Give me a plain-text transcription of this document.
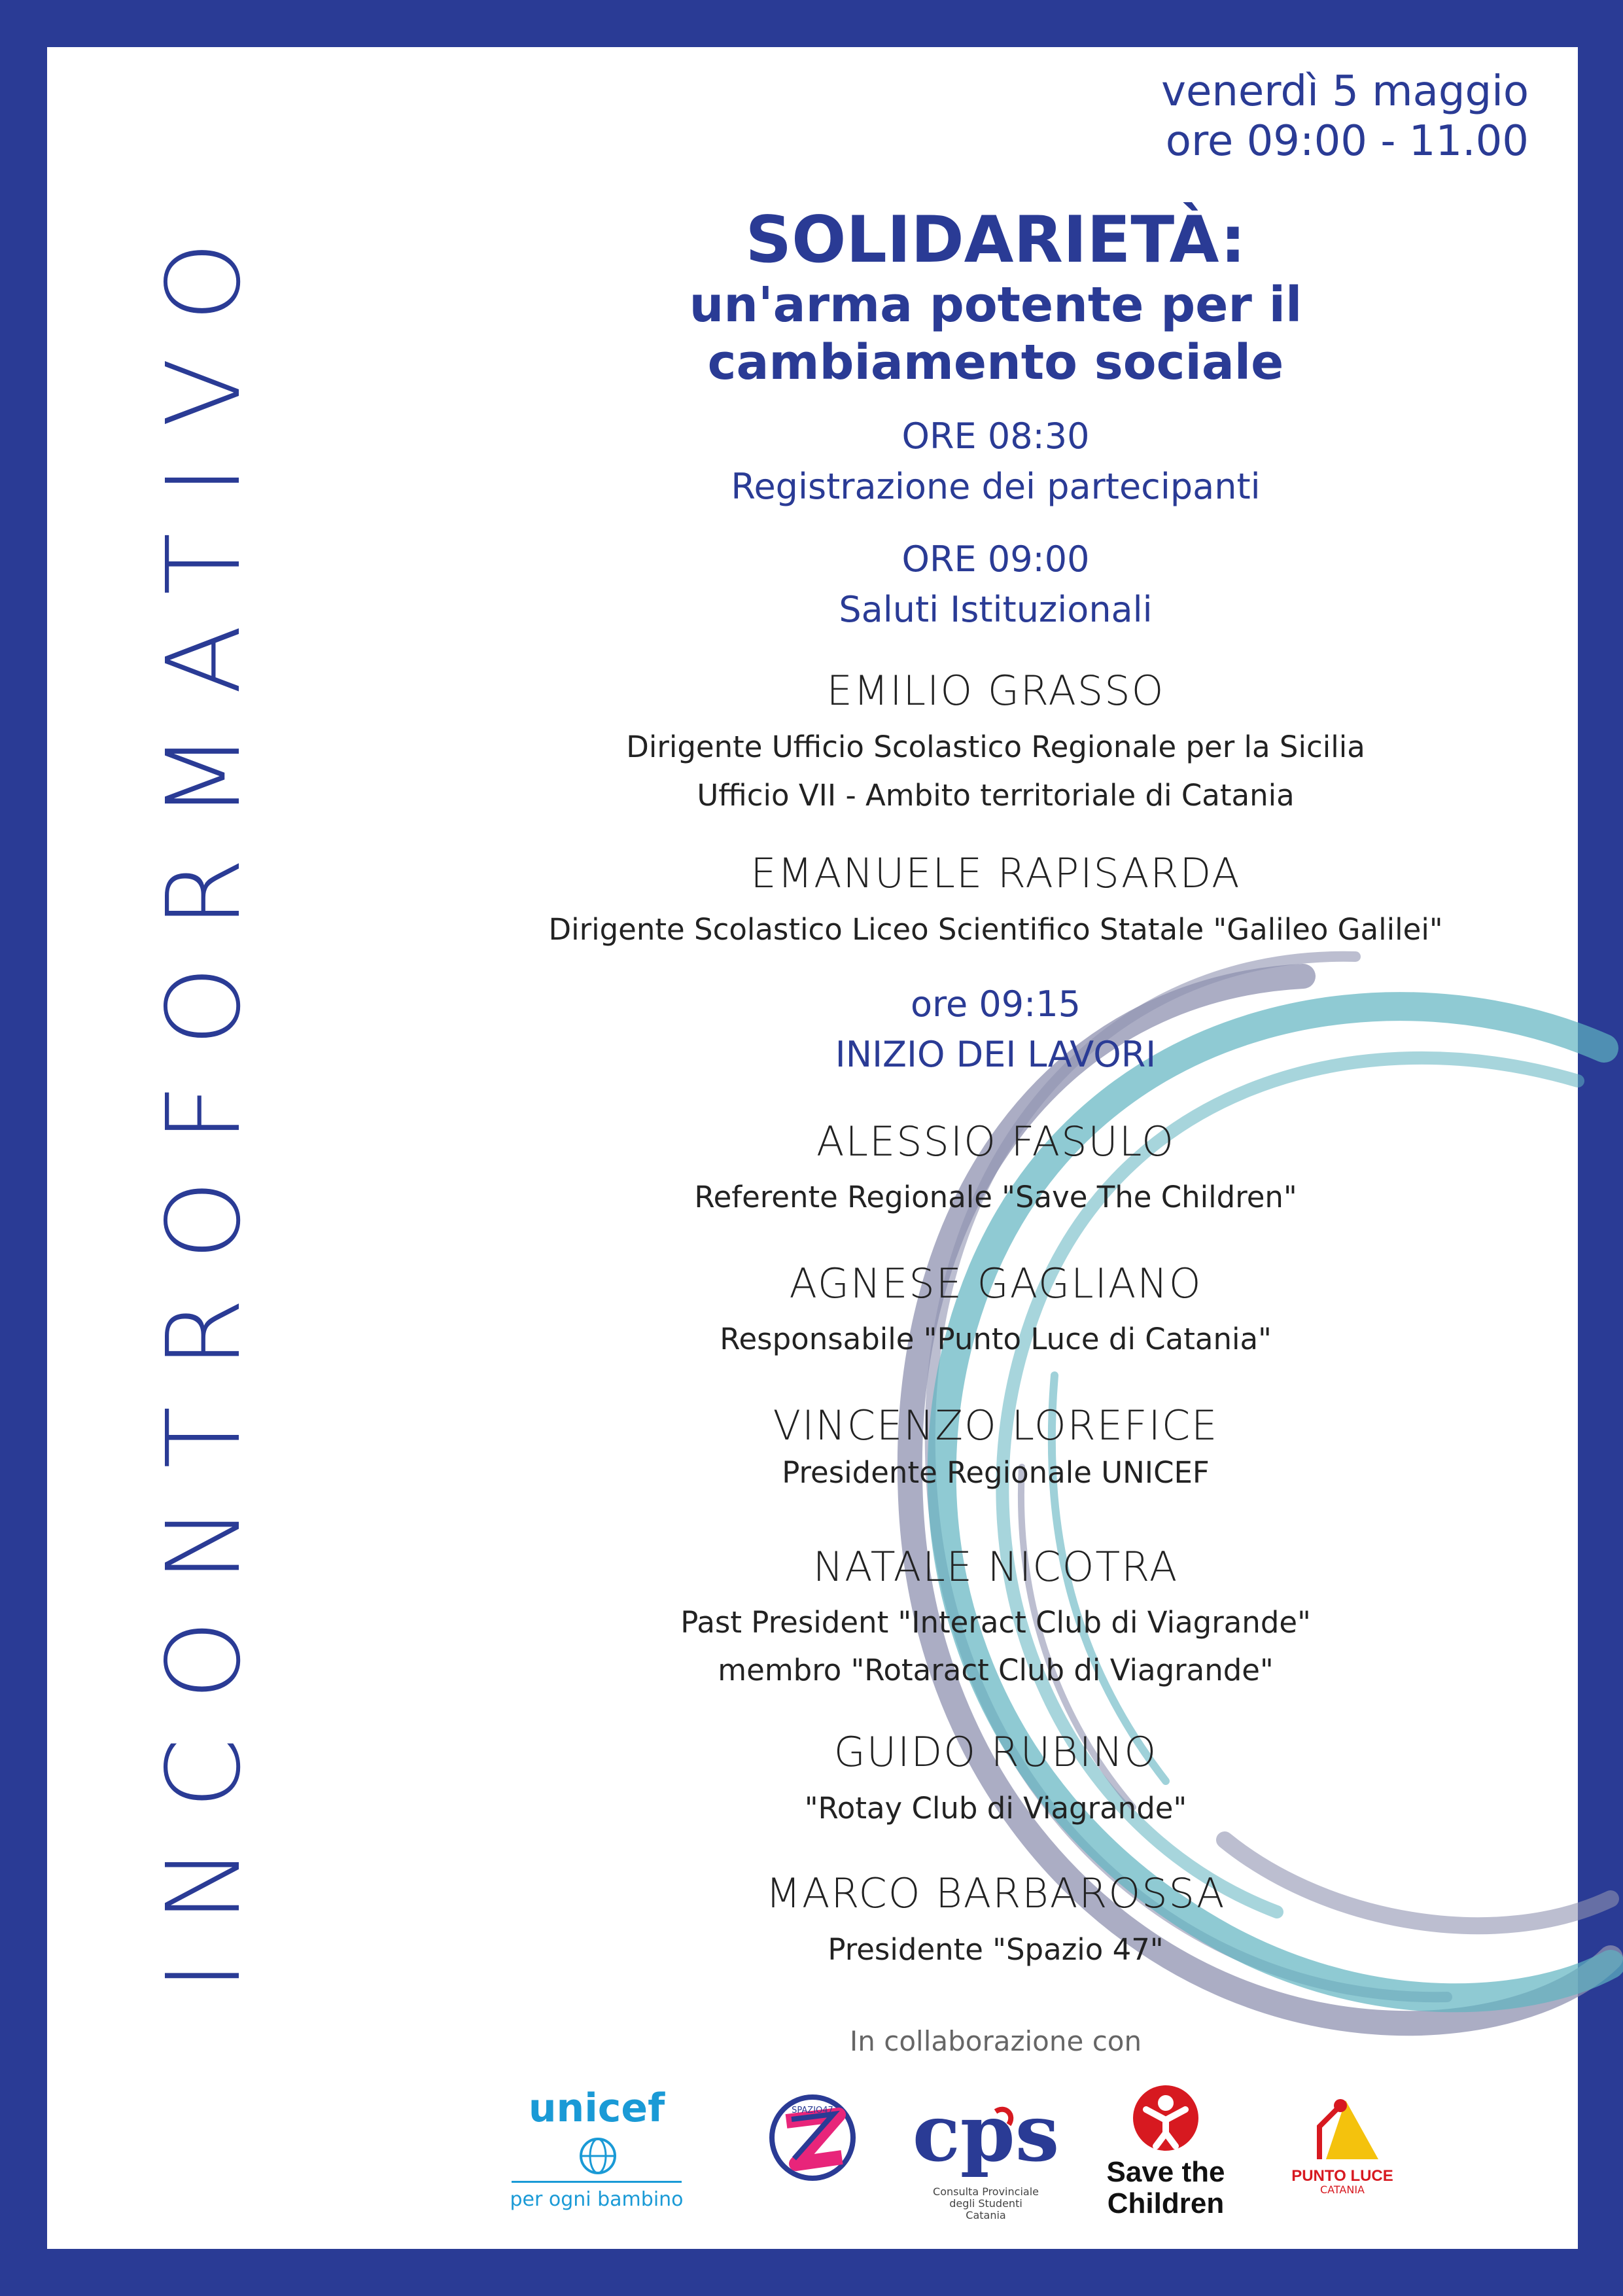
INCONTROFORMATIVO
venerdì 5 maggio
ore 09:00 - 11.00
SOLIDARIETÀ:
un'arma potente per il
cambiamento sociale
ORE 08:30
Registrazione dei partecipanti
ORE 09:00
Saluti Istituzionali
EMILIO GRASSO
Dirigente Ufficio Scolastico Regionale per la Sicilia
Ufficio VII - Ambito territoriale di Catania
EMANUELE RAPISARDA
Dirigente Scolastico Liceo Scientifico Statale "Galileo Galilei"
ore 09:15
INIZIO DEI LAVORI
ALESSIO FASULO
Referente Regionale "Save The Children"
AGNESE GAGLIANO
Responsabile "Punto Luce di Catania"
VINCENZO LOREFICE
Presidente Regionale UNICEF
NATALE NICOTRA
Past President "Interact Club di Viagrande"
membro "Rotaract Club di Viagrande"
GUIDO RUBINO
"Rotay Club di Viagrande"
MARCO BARBAROSSA
Presidente "Spazio 47"
In collaborazione con
unicef
per ogni bambino
SPAZIO47 cps
Consulta Provinciale
degli Studenti
Catania
Save the
Children
PUNTO LUCE
CATANIA
